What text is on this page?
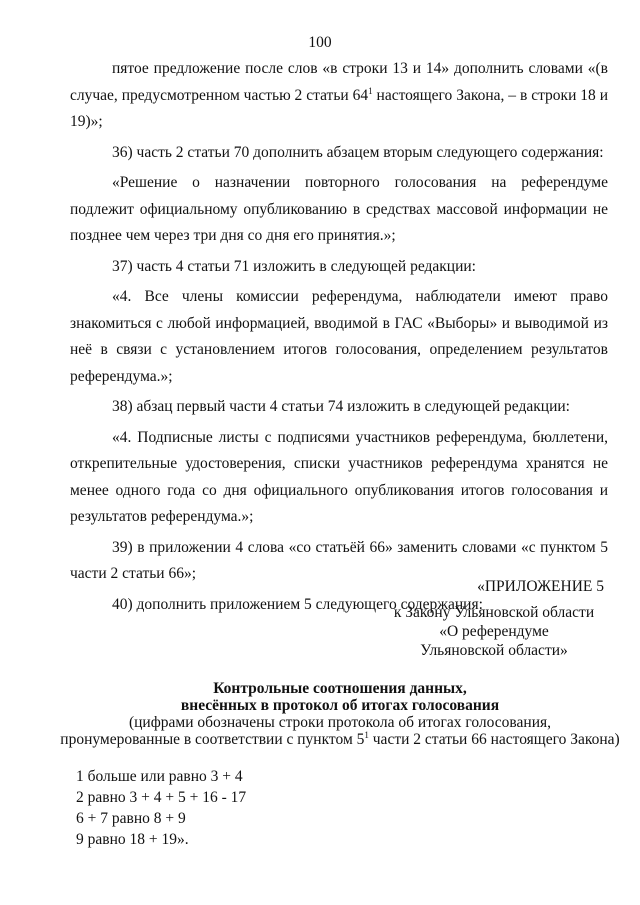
100

пятое предложение после слов «в строки 13 и 14» дополнить словами «(в случае, предусмотренном частью 2 статьи $64^1$ настоящего Закона, – в строки 18 и 19)»;

36) часть 2 статьи 70 дополнить абзацем вторым следующего содержания:

«Решение о назначении повторного голосования на референдуме подлежит официальному опубликованию в средствах массовой информации не позднее чем через три дня со дня его принятия.»;

37) часть 4 статьи 71 изложить в следующей редакции:

«4. Все члены комиссии референдума, наблюдатели имеют право знакомиться с любой информацией, вводимой в ГАС «Выборы» и выводимой из неё в связи с установлением итогов голосования, определением результатов референдума.»;

38) абзац первый части 4 статьи 74 изложить в следующей редакции:

«4. Подписные листы с подписями участников референдума, бюллетени, открепительные удостоверения, списки участников референдума хранятся не менее одного года со дня официального опубликования итогов голосования и результатов референдума.»;

39) в приложении 4 слова «со статьёй 66» заменить словами «с пунктом 5 части 2 статьи 66»;

40) дополнить приложением 5 следующего содержания:

«ПРИЛОЖЕНИЕ 5
к Закону Ульяновской области
«О референдуме
Ульяновской области»
Контрольные соотношения данных,
внесённых в протокол об итогах голосования
(цифрами обозначены строки протокола об итогах голосования,
пронумерованные в соответствии с пунктом $5^1$ части 2 статьи 66 настоящего Закона)
1 больше или равно 3 + 4
2 равно 3 + 4 + 5 + 16 - 17
6 + 7 равно 8 + 9
9 равно 18 + 19».
